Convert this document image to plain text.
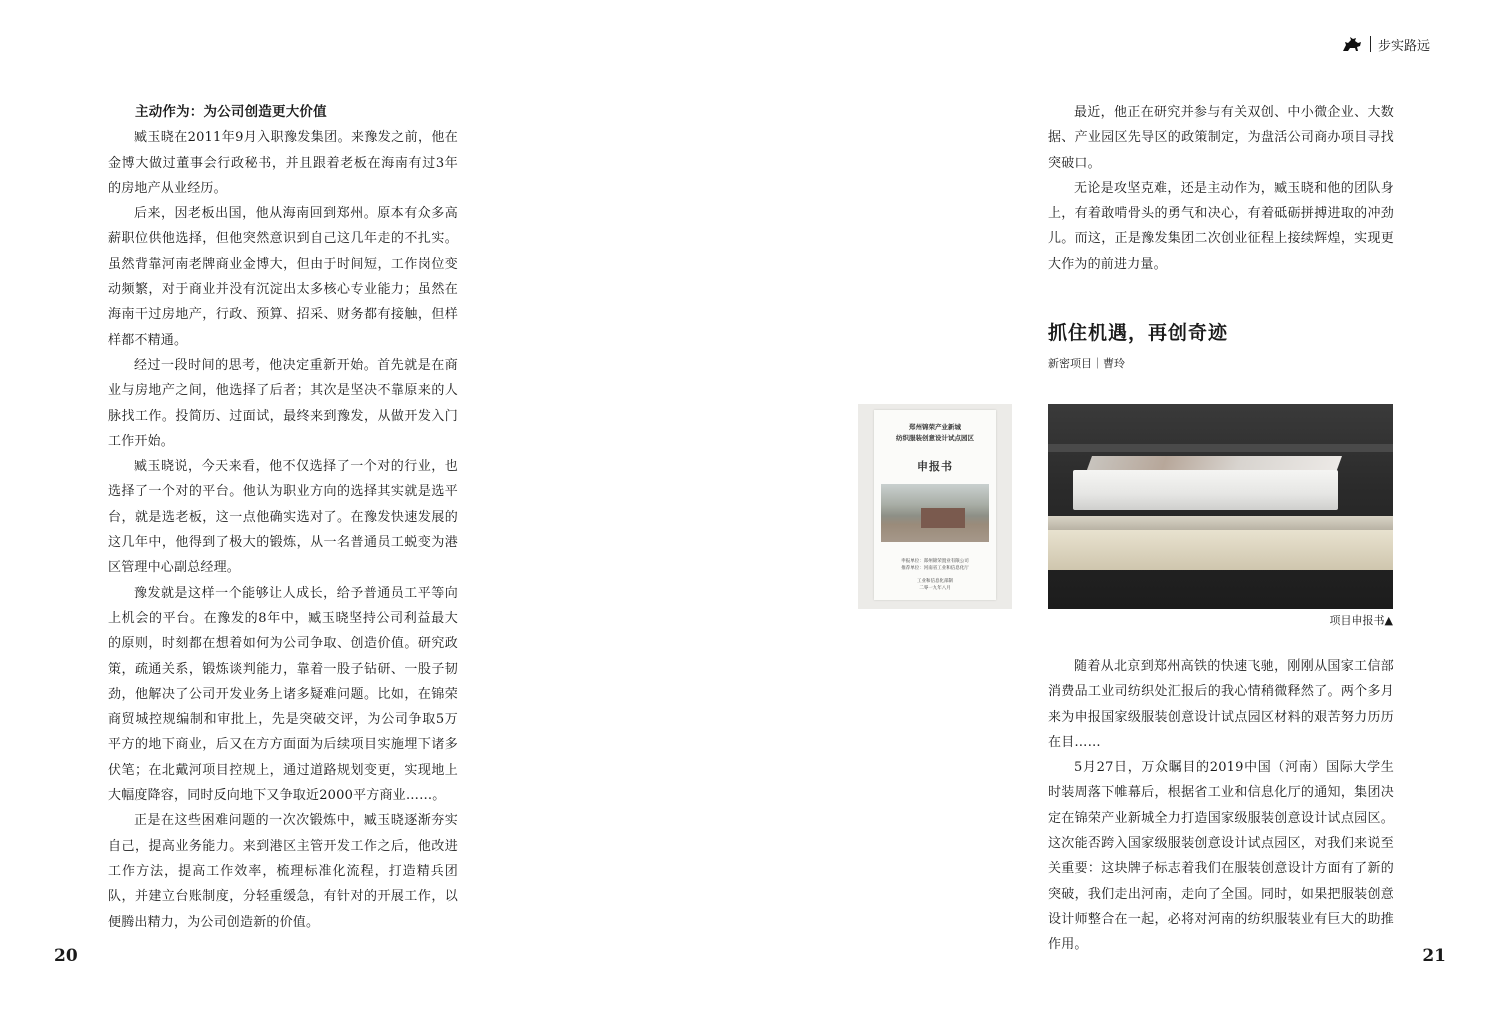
步实路远

主动作为：为公司创造更大价值

臧玉晓在2011年9月入职豫发集团。来豫发之前，他在金博大做过董事会行政秘书，并且跟着老板在海南有过3年的房地产从业经历。

后来，因老板出国，他从海南回到郑州。原本有众多高薪职位供他选择，但他突然意识到自己这几年走的不扎实。虽然背靠河南老牌商业金博大，但由于时间短，工作岗位变动频繁，对于商业并没有沉淀出太多核心专业能力；虽然在海南干过房地产，行政、预算、招采、财务都有接触，但样样都不精通。

经过一段时间的思考，他决定重新开始。首先就是在商业与房地产之间，他选择了后者；其次是坚决不靠原来的人脉找工作。投简历、过面试，最终来到豫发，从做开发入门工作开始。

臧玉晓说，今天来看，他不仅选择了一个对的行业，也选择了一个对的平台。他认为职业方向的选择其实就是选平台，就是选老板，这一点他确实选对了。在豫发快速发展的这几年中，他得到了极大的锻炼，从一名普通员工蜕变为港区管理中心副总经理。

豫发就是这样一个能够让人成长，给予普通员工平等向上机会的平台。在豫发的8年中，臧玉晓坚持公司利益最大的原则，时刻都在想着如何为公司争取、创造价值。研究政策，疏通关系，锻炼谈判能力，靠着一股子钻研、一股子韧劲，他解决了公司开发业务上诸多疑难问题。比如，在锦荣商贸城控规编制和审批上，先是突破交评，为公司争取5万平方的地下商业，后又在方方面面为后续项目实施埋下诸多伏笔；在北戴河项目控规上，通过道路规划变更，实现地上大幅度降容，同时反向地下又争取近2000平方商业……。

正是在这些困难问题的一次次锻炼中，臧玉晓逐渐夯实自己，提高业务能力。来到港区主管开发工作之后，他改进工作方法，提高工作效率，梳理标准化流程，打造精兵团队，并建立台账制度，分轻重缓急，有针对的开展工作，以便腾出精力，为公司创造新的价值。

20

最近，他正在研究并参与有关双创、中小微企业、大数据、产业园区先导区的政策制定，为盘活公司商办项目寻找突破口。

无论是攻坚克难，还是主动作为，臧玉晓和他的团队身上，有着敢啃骨头的勇气和决心，有着砥砺拼搏进取的冲劲儿。而这，正是豫发集团二次创业征程上接续辉煌，实现更大作为的前进力量。

抓住机遇，再创奇迹
新密项目｜曹玲
郑州锦荣产业新城
纺织服装创意设计试点园区
申报书
申报单位：郑州锦荣置业有限公司
推荐单位：河南省工业和信息化厅
工业和信息化部制
二零一九年八月
项目申报书▲

随着从北京到郑州高铁的快速飞驰，刚刚从国家工信部消费品工业司纺织处汇报后的我心情稍微释然了。两个多月来为申报国家级服装创意设计试点园区材料的艰苦努力历历在目……

5月27日，万众瞩目的2019中国（河南）国际大学生时装周落下帷幕后，根据省工业和信息化厅的通知，集团决定在锦荣产业新城全力打造国家级服装创意设计试点园区。这次能否跨入国家级服装创意设计试点园区，对我们来说至关重要：这块牌子标志着我们在服装创意设计方面有了新的突破，我们走出河南，走向了全国。同时，如果把服装创意设计师整合在一起，必将对河南的纺织服装业有巨大的助推作用。

21
